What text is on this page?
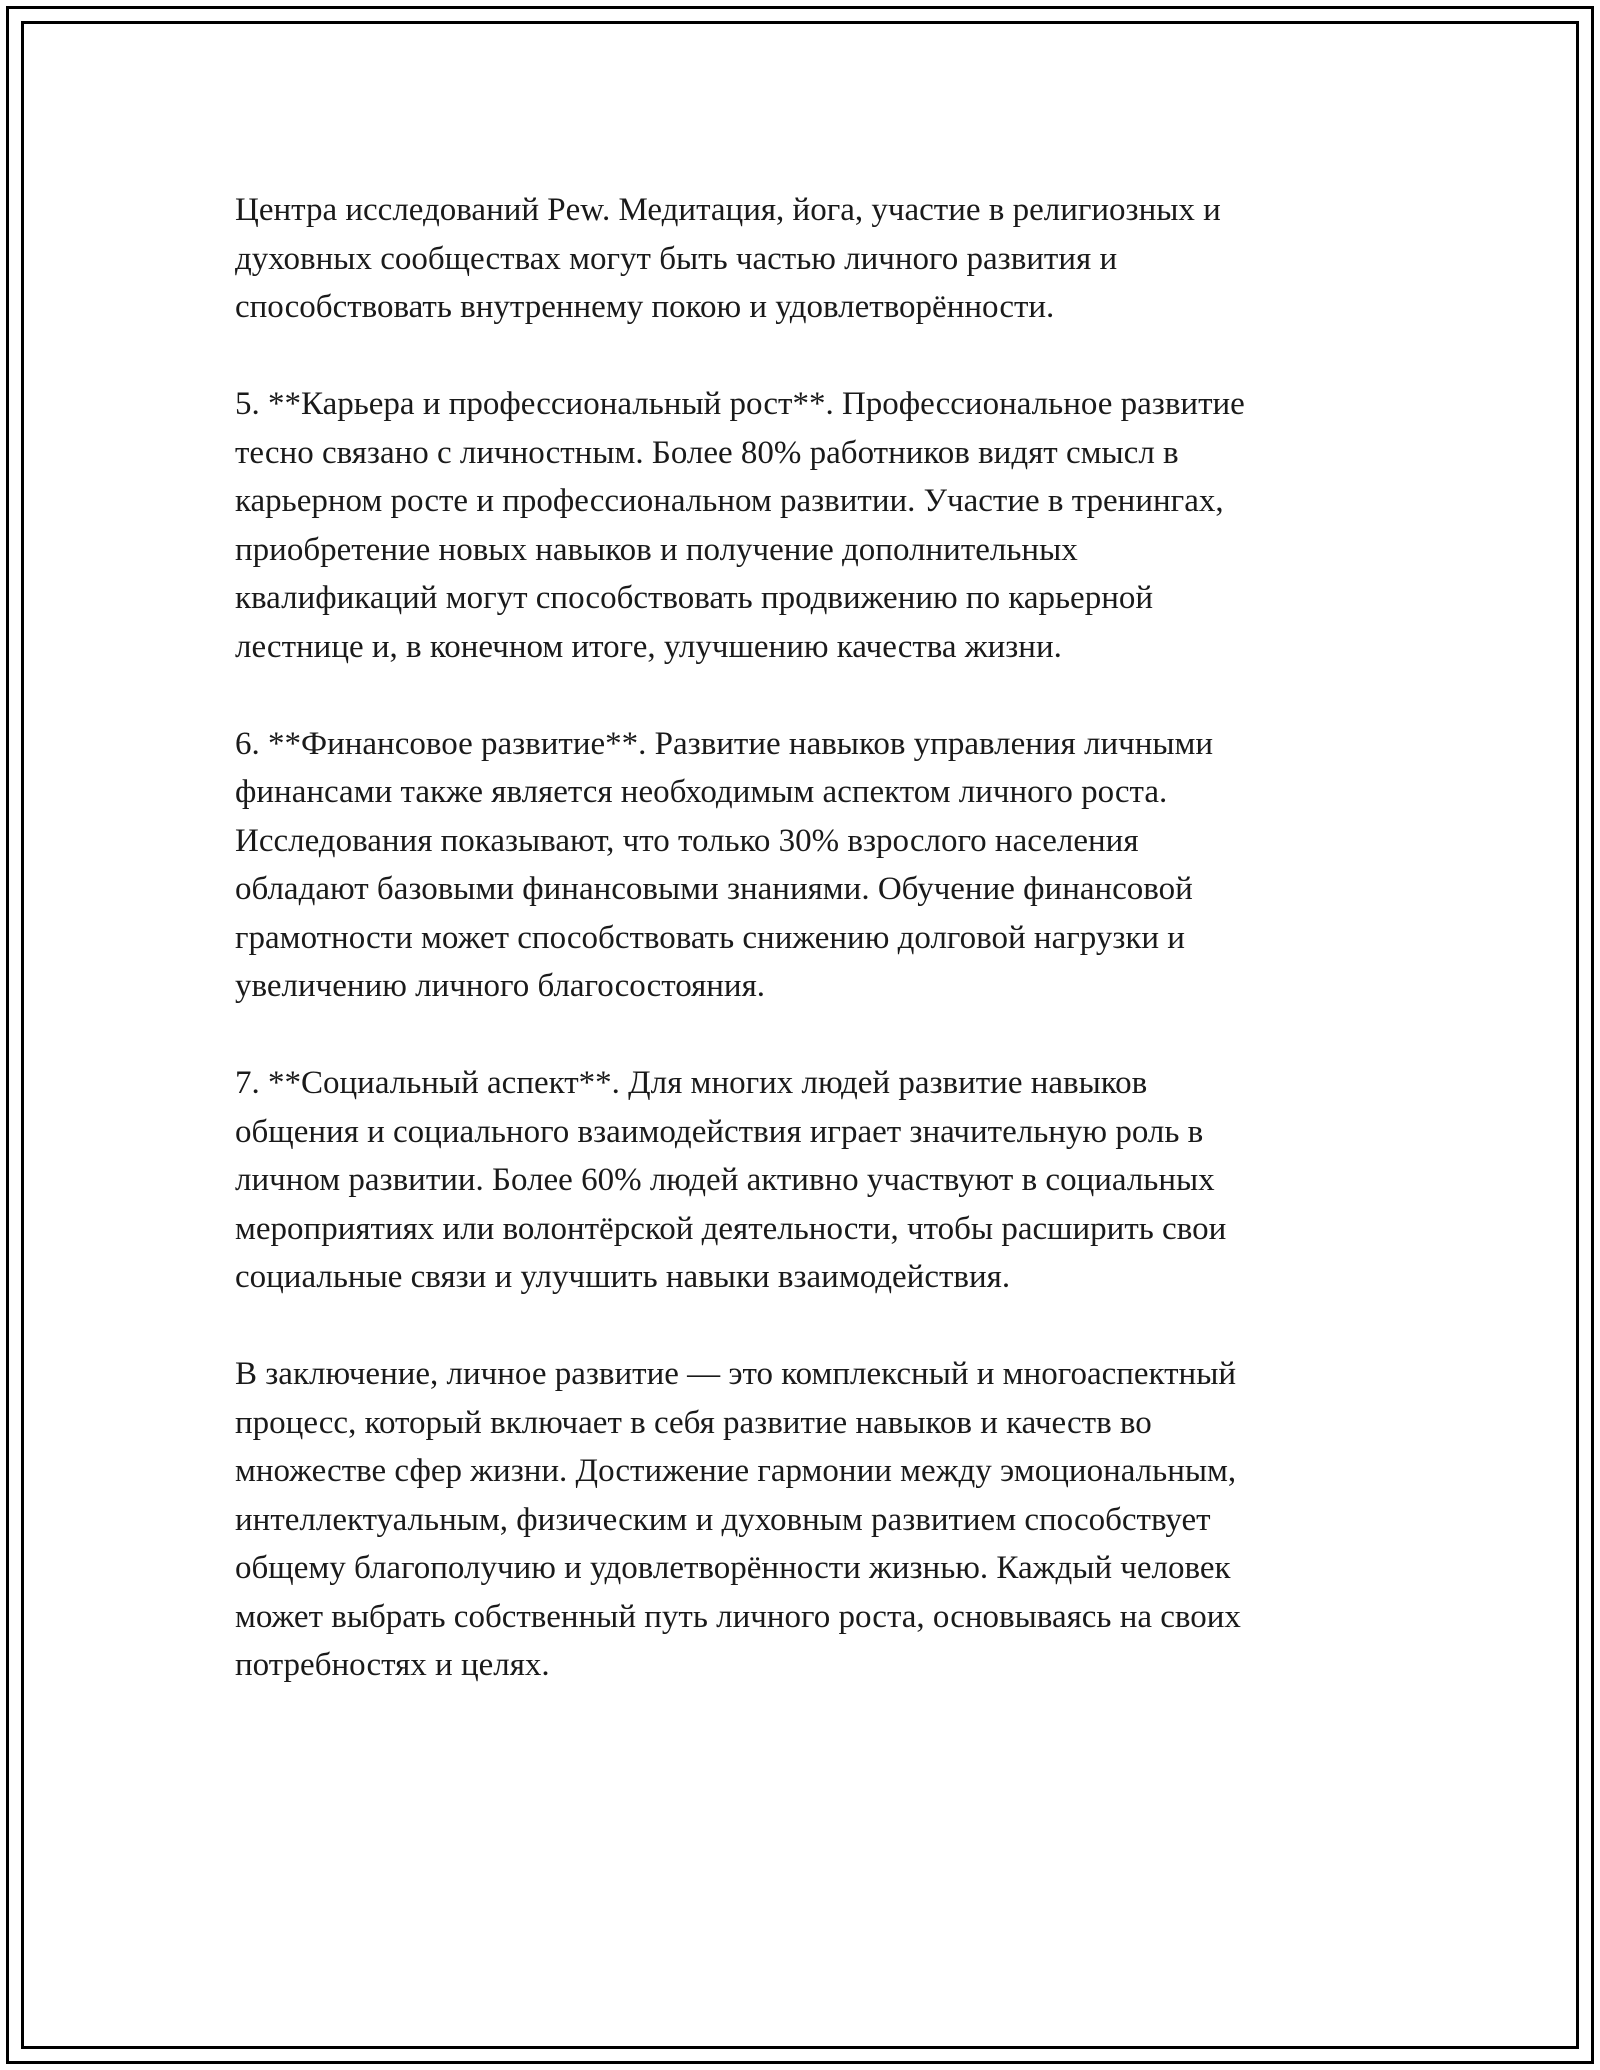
Центра исследований Pew. Медитация, йога, участие в религиозных и
духовных сообществах могут быть частью личного развития и
способствовать внутреннему покою и удовлетворённости.

5. **Карьера и профессиональный рост**. Профессиональное развитие
тесно связано с личностным. Более 80% работников видят смысл в
карьерном росте и профессиональном развитии. Участие в тренингах,
приобретение новых навыков и получение дополнительных
квалификаций могут способствовать продвижению по карьерной
лестнице и, в конечном итоге, улучшению качества жизни.

6. **Финансовое развитие**. Развитие навыков управления личными
финансами также является необходимым аспектом личного роста.
Исследования показывают, что только 30% взрослого населения
обладают базовыми финансовыми знаниями. Обучение финансовой
грамотности может способствовать снижению долговой нагрузки и
увеличению личного благосостояния.

7. **Социальный аспект**. Для многих людей развитие навыков
общения и социального взаимодействия играет значительную роль в
личном развитии. Более 60% людей активно участвуют в социальных
мероприятиях или волонтёрской деятельности, чтобы расширить свои
социальные связи и улучшить навыки взаимодействия.

В заключение, личное развитие — это комплексный и многоаспектный
процесс, который включает в себя развитие навыков и качеств во
множестве сфер жизни. Достижение гармонии между эмоциональным,
интеллектуальным, физическим и духовным развитием способствует
общему благополучию и удовлетворённости жизнью. Каждый человек
может выбрать собственный путь личного роста, основываясь на своих
потребностях и целях.
